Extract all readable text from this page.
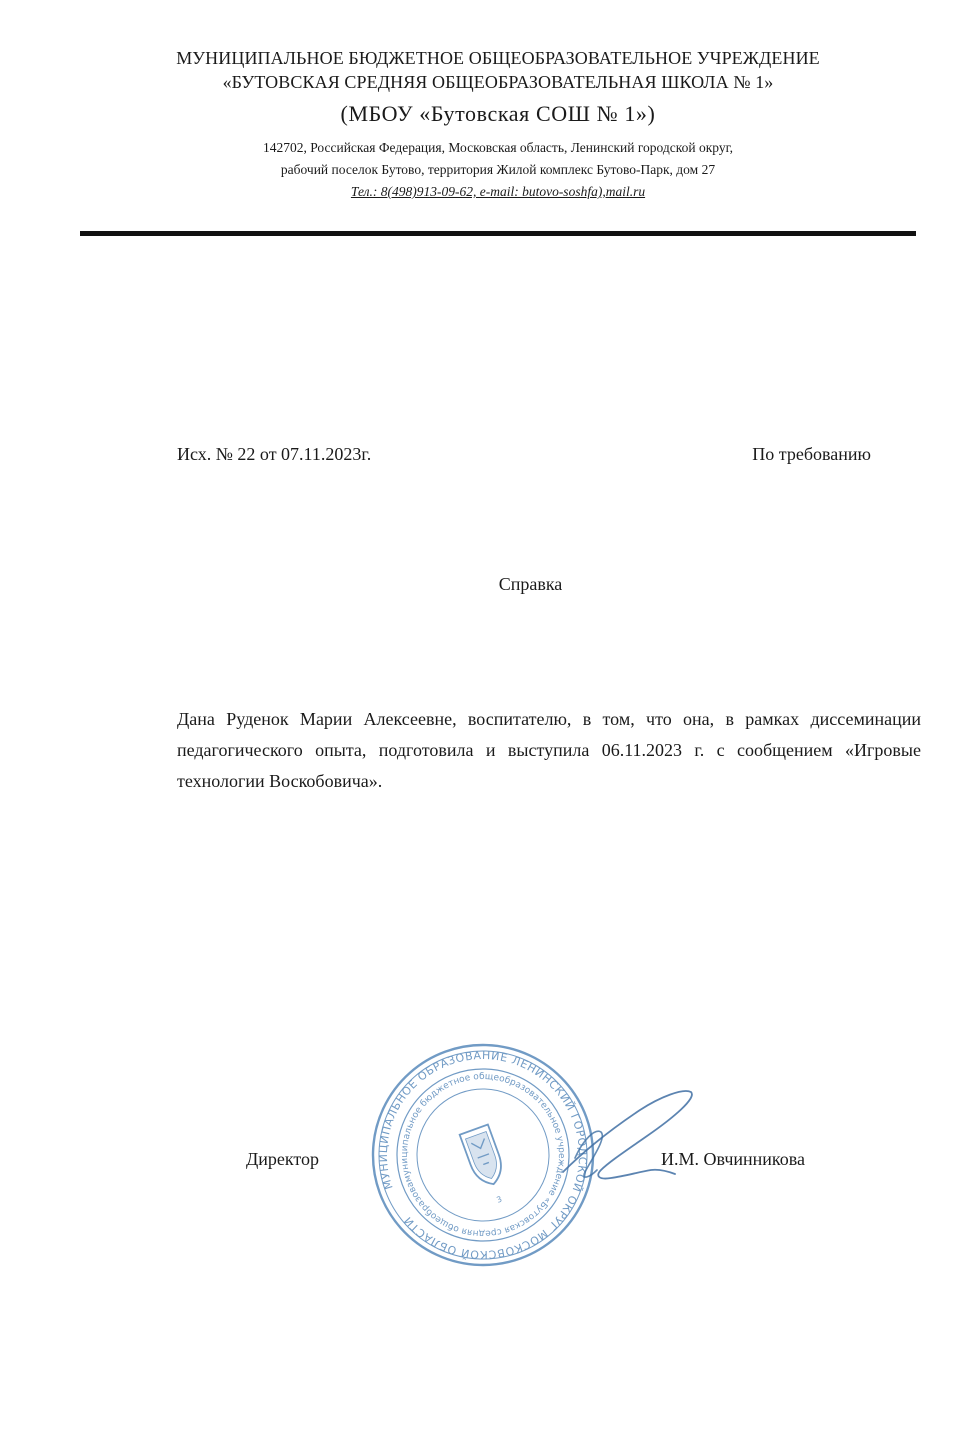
МУНИЦИПАЛЬНОЕ БЮДЖЕТНОЕ ОБЩЕОБРАЗОВАТЕЛЬНОЕ УЧРЕЖДЕНИЕ
«БУТОВСКАЯ СРЕДНЯЯ ОБЩЕОБРАЗОВАТЕЛЬНАЯ ШКОЛА № 1»
(МБОУ «Бутовская СОШ № 1»)
142702, Российская Федерация, Московская область, Ленинский городской округ,
рабочий поселок Бутово, территория Жилой комплекс Бутово-Парк, дом 27
Тел.: 8(498)913-09-62, e-mail: butovo-soshfa),mail.ru
Исх. № 22 от 07.11.2023г.	По требованию
Справка
Дана Руденок Марии Алексеевне, воспитателю, в том, что она, в рамках диссеминации педагогического опыта, подготовила и выступила 06.11.2023 г. с сообщением «Игровые технологии Воскобовича».
МУНИЦИПАЛЬНОЕ ОБРАЗОВАНИЕ ЛЕНИНСКИЙ ГОРОДСКОЙ ОКРУГ МОСКОВСКОЙ ОБЛАСТИ
муниципальное бюджетное общеобразовательное учреждение «Бутовская средняя общеобразовательная
3
Директор	И.М. Овчинникова
